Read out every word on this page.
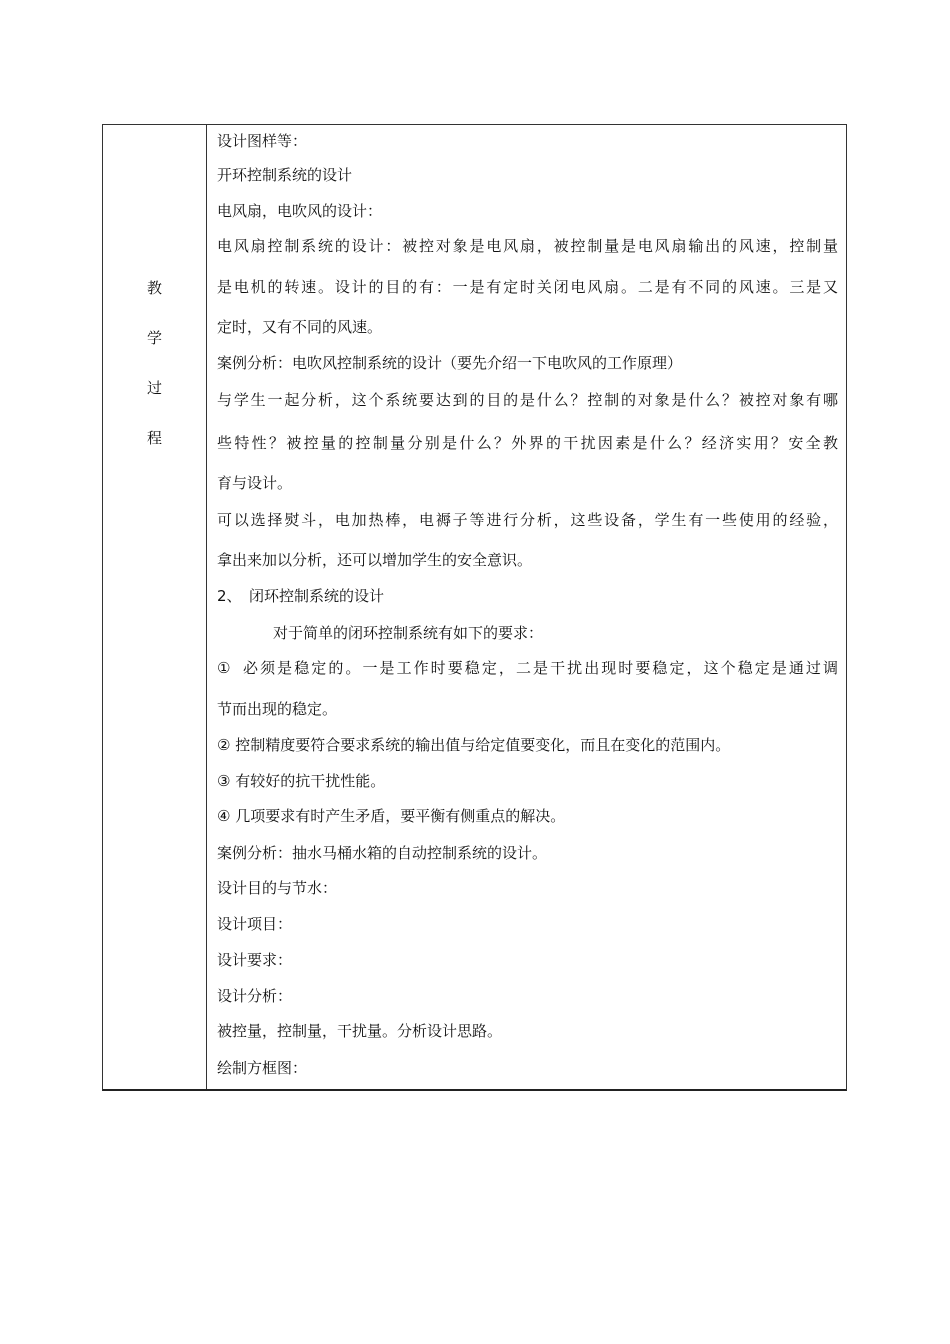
教
学
过
程
设计图样等：
开环控制系统的设计
电风扇，电吹风的设计：
电风扇控制系统的设计：被控对象是电风扇，被控制量是电风扇输出的风速，控制量
是电机的转速。设计的目的有：一是有定时关闭电风扇。二是有不同的风速。三是又
定时，又有不同的风速。
案例分析：电吹风控制系统的设计（要先介绍一下电吹风的工作原理）
与学生一起分析，这个系统要达到的目的是什么？控制的对象是什么？被控对象有哪
些特性？被控量的控制量分别是什么？外界的干扰因素是什么？经济实用？安全教
育与设计。
可以选择熨斗，电加热棒，电褥子等进行分析，这些设备，学生有一些使用的经验，
拿出来加以分析，还可以增加学生的安全意识。
2、 闭环控制系统的设计
对于简单的闭环控制系统有如下的要求：
① 必须是稳定的。一是工作时要稳定，二是干扰出现时要稳定，这个稳定是通过调
节而出现的稳定。
② 控制精度要符合要求系统的输出值与给定值要变化，而且在变化的范围内。
③ 有较好的抗干扰性能。
④ 几项要求有时产生矛盾，要平衡有侧重点的解决。
案例分析：抽水马桶水箱的自动控制系统的设计。
设计目的与节水：
设计项目：
设计要求：
设计分析：
被控量，控制量，干扰量。分析设计思路。
绘制方框图：
